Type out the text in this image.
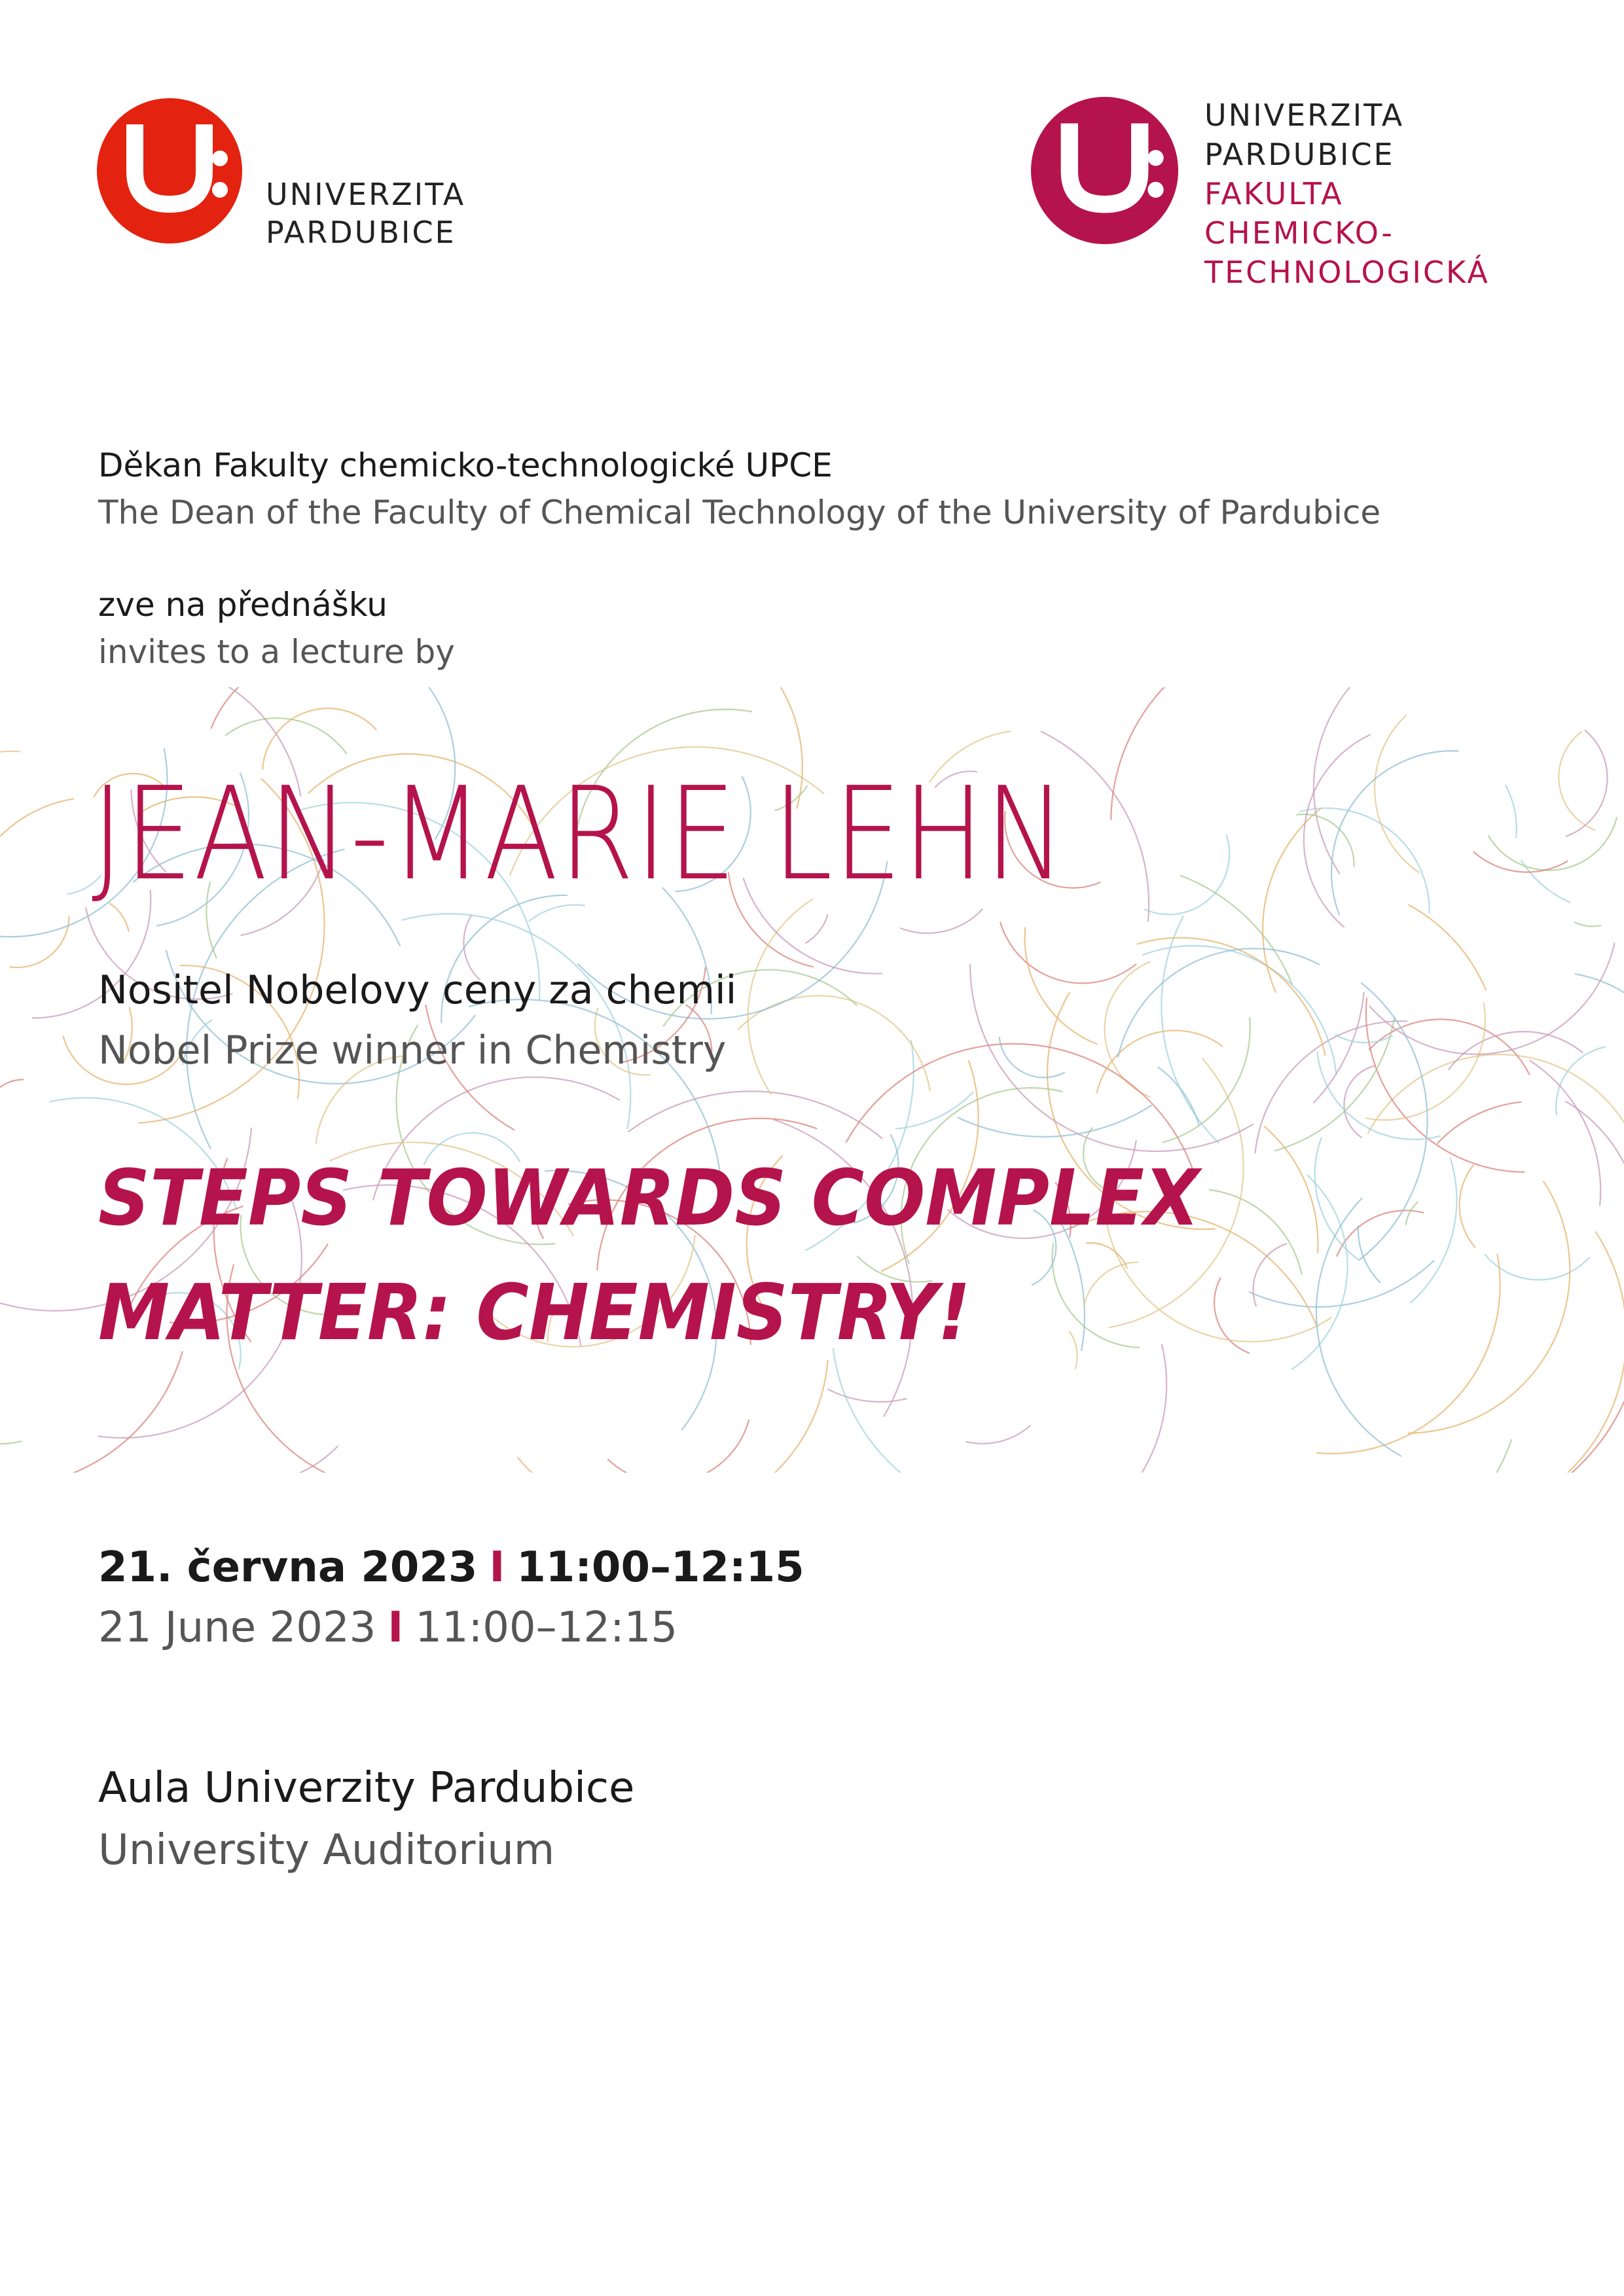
UNIVERZITA
PARDUBICE
UNIVERZITA
PARDUBICE
FAKULTA
CHEMICKO-
TECHNOLOGICKÁ
Děkan Fakulty chemicko-technologické UPCE
The Dean of the Faculty of Chemical Technology of the University of Pardubice
zve na přednášku
invites to a lecture by
JEAN-MARIE LEHN
Nositel Nobelovy ceny za chemii
Nobel Prize winner in Chemistry
STEPS TOWARDS COMPLEX
MATTER: CHEMISTRY!
21. června 2023 I 11:00–12:15
21 June 2023 I 11:00–12:15
Aula Univerzity Pardubice
University Auditorium
